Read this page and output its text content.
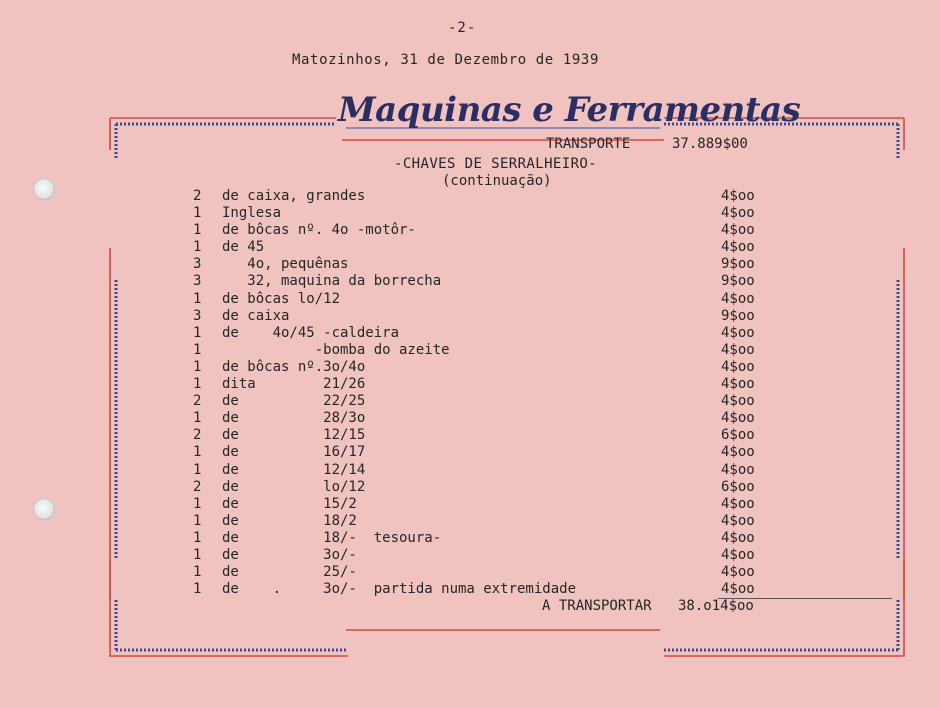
-2-
Matozinhos, 31 de Dezembro de 1939
Maquinas e Ferramentas
TRANSPORTE	37.889$00
-CHAVES DE SERRALHEIRO-
(continuação)
2 de caixa, grandes	4$oo
1 Inglesa	4$oo
1 de bôcas nº. 4o -motôr-	4$oo
1 de 45	4$oo
3 4o, pequênas	9$oo
3 32, maquina da borrecha	9$oo
1 de bôcas lo/12	4$oo
3 de caixa	9$oo
1 de    4o/45 -caldeira	4$oo
1 -bomba do azeite	4$oo
1 de bôcas nº.3o/4o	4$oo
1 dita        21/26	4$oo
2 de          22/25	4$oo
1 de          28/3o	4$oo
2 de          12/15	6$oo
1 de          16/17	4$oo
1 de          12/14	4$oo
2 de          lo/12	6$oo
1 de          15/2	4$oo
1 de          18/2	4$oo
1 de          18/-  tesoura-	4$oo
1 de          3o/-	4$oo
1 de          25/-	4$oo
1 de    .     3o/-  partida numa extremidade	4$oo
A TRANSPORTAR 38.o14$oo
